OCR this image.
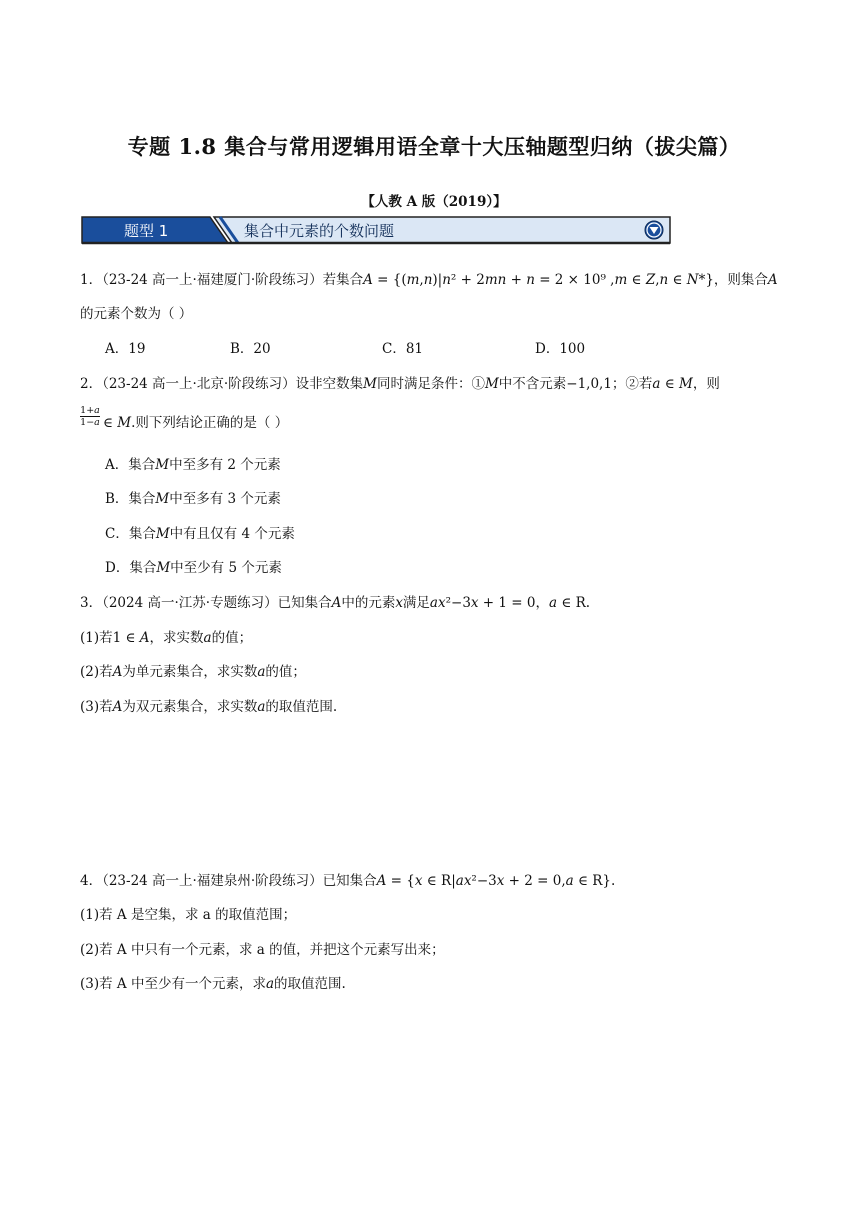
专题 1.8 集合与常用逻辑用语全章十大压轴题型归纳（拔尖篇）
【人教 A 版（2019）】
题型 1	集合中元素的个数问题
1．（23-24 高一上·福建厦门·阶段练习）若集合𝐴 = {(𝑚,𝑛)|𝑛² + 2𝑚𝑛 + 𝑛 = 2 × 10⁹ ,𝑚 ∈ 𝑍,𝑛 ∈ 𝑁*}，则集合𝐴
的元素个数为（ ）
A．19	B．20	C．81	D．100
2．（23-24 高一上·北京·阶段练习）设非空数集𝑀同时满足条件：①𝑀中不含元素−1,0,1；②若𝑎 ∈ 𝑀，则
1+𝑎
1−𝑎 ∈ 𝑀.则下列结论正确的是（ ）
A．集合𝑀中至多有 2 个元素
B．集合𝑀中至多有 3 个元素
C．集合𝑀中有且仅有 4 个元素
D．集合𝑀中至少有 5 个元素
3．（2024 高一·江苏·专题练习）已知集合𝐴中的元素𝑥满足𝑎𝑥²−3𝑥 + 1 = 0，𝑎 ∈ R.
(1)若1 ∈ 𝐴，求实数𝑎的值；
(2)若𝐴为单元素集合，求实数𝑎的值；
(3)若𝐴为双元素集合，求实数𝑎的取值范围.
4．（23-24 高一上·福建泉州·阶段练习）已知集合𝐴 = {𝑥 ∈ R|𝑎𝑥²−3𝑥 + 2 = 0,𝑎 ∈ R}.
(1)若 A 是空集，求 a 的取值范围；
(2)若 A 中只有一个元素，求 a 的值，并把这个元素写出来；
(3)若 A 中至少有一个元素，求𝑎的取值范围.
